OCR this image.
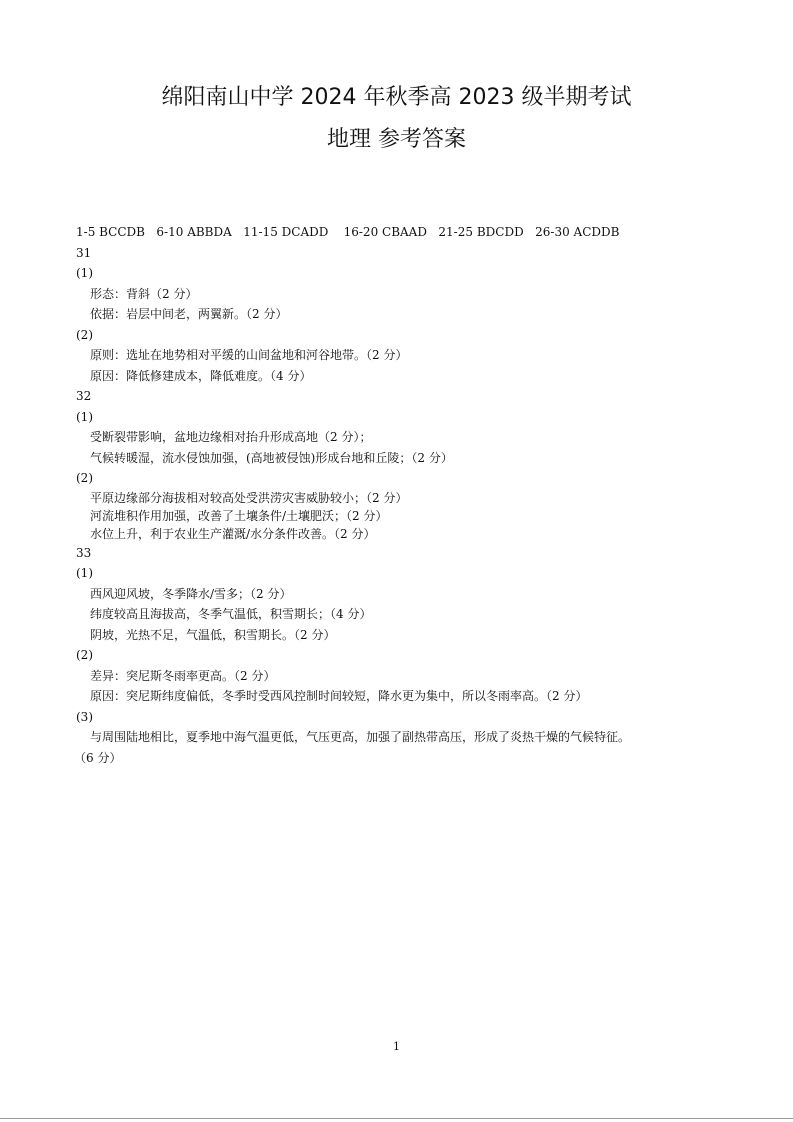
绵阳南山中学 2024 年秋季高 2023 级半期考试
地理 参考答案
1-5 BCCDB   6-10 ABBDA   11-15 DCADD    16-20 CBAAD   21-25 BDCDD   26-30 ACDDB
31
(1)
形态：背斜（2 分）
依据：岩层中间老，两翼新。（2 分）
(2)
原则：选址在地势相对平缓的山间盆地和河谷地带。（2 分）
原因：降低修建成本，降低难度。（4 分）
32
(1)
受断裂带影响，盆地边缘相对抬升形成高地（2 分）；
气候转暖湿，流水侵蚀加强，(高地被侵蚀)形成台地和丘陵；（2 分）
(2)
平原边缘部分海拔相对较高处受洪涝灾害威胁较小；（2 分）
河流堆积作用加强，改善了土壤条件/土壤肥沃；（2 分）
水位上升，利于农业生产灌溉/水分条件改善。（2 分）
33
(1)
西风迎风坡，冬季降水/雪多；（2 分）
纬度较高且海拔高，冬季气温低，积雪期长；（4 分）
阴坡，光热不足，气温低，积雪期长。（2 分）
(2)
差异：突尼斯冬雨率更高。（2 分）
原因：突尼斯纬度偏低，冬季时受西风控制时间较短，降水更为集中，所以冬雨率高。（2 分）
(3)
与周围陆地相比，夏季地中海气温更低，气压更高，加强了副热带高压，形成了炎热干燥的气候特征。
（6 分）
1
